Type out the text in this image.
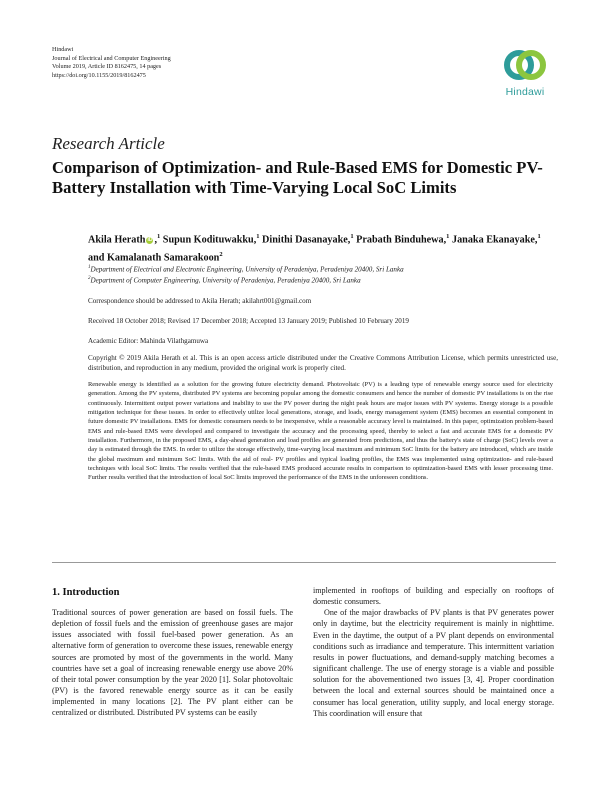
Hindawi
Journal of Electrical and Computer Engineering
Volume 2019, Article ID 8162475, 14 pages
https://doi.org/10.1155/2019/8162475
Hindawi
Research Article
Comparison of Optimization- and Rule-Based EMS for Domestic PV-Battery Installation with Time-Varying Local SoC Limits
Akila Herath iD ,$^1$ Supun Kodituwakku,$^1$ Dinithi Dasanayake,$^1$ Prabath Binduhewa,$^1$ Janaka Ekanayake,$^1$ and Kamalanath Samarakoon$^2$
$^1$Department of Electrical and Electronic Engineering, University of Peradeniya, Peradeniya 20400, Sri Lanka
$^2$Department of Computer Engineering, University of Peradeniya, Peradeniya 20400, Sri Lanka
Correspondence should be addressed to Akila Herath; akilahrt001@gmail.com
Received 18 October 2018; Revised 17 December 2018; Accepted 13 January 2019; Published 10 February 2019
Academic Editor: Mahinda Vilathgamuwa
Copyright © 2019 Akila Herath et al. This is an open access article distributed under the Creative Commons Attribution License, which permits unrestricted use, distribution, and reproduction in any medium, provided the original work is properly cited.
Renewable energy is identified as a solution for the growing future electricity demand. Photovoltaic (PV) is a leading type of renewable energy source used for electricity generation. Among the PV systems, distributed PV systems are becoming popular among the domestic consumers and hence the number of domestic PV installations is on the rise continuously. Intermittent output power variations and inability to use the PV power during the night peak hours are major issues with PV systems. Energy storage is a possible mitigation technique for these issues. In order to effectively utilize local generations, storage, and loads, energy management system (EMS) becomes an essential component in future domestic PV installations. EMS for domestic consumers needs to be inexpensive, while a reasonable accuracy level is maintained. In this paper, optimization problem-based EMS and rule-based EMS were developed and compared to investigate the accuracy and the processing speed, thereby to select a fast and accurate EMS for a domestic PV installation. Furthermore, in the proposed EMS, a day-ahead generation and load profiles are generated from predictions, and thus the battery's state of charge (SoC) levels over a day is estimated through the EMS. In order to utilize the storage effectively, time-varying local maximum and minimum SoC limits for the battery are introduced, which are inside the global maximum and minimum SoC limits. With the aid of real- PV profiles and typical loading profiles, the EMS was implemented using optimization- and rule-based techniques with local SoC limits. The results verified that the rule-based EMS produced accurate results in comparison to optimization-based EMS with lesser processing time. Further results verified that the introduction of local SoC limits improved the performance of the EMS in the unforeseen conditions.
1. Introduction

Traditional sources of power generation are based on fossil fuels. The depletion of fossil fuels and the emission of greenhouse gases are major issues associated with fossil fuel-based power generation. As an alternative form of generation to overcome these issues, renewable energy sources are promoted by most of the governments in the world. Many countries have set a goal of increasing renewable energy use above 20% of their total power consumption by the year 2020 [1]. Solar photovoltaic (PV) is the favored renewable energy source as it can be easily implemented in many locations [2]. The PV plant either can be centralized or distributed. Distributed PV systems can be easily

implemented in rooftops of building and especially on rooftops of domestic consumers.

One of the major drawbacks of PV plants is that PV generates power only in daytime, but the electricity requirement is mainly in nighttime. Even in the daytime, the output of a PV plant depends on environmental conditions such as irradiance and temperature. This intermittent variation results in power fluctuations, and demand-supply matching becomes a significant challenge. The use of energy storage is a viable and possible solution for the abovementioned two issues [3, 4]. Proper coordination between the local and external sources should be maintained once a consumer has local generation, utility supply, and local energy storage. This coordination will ensure that
